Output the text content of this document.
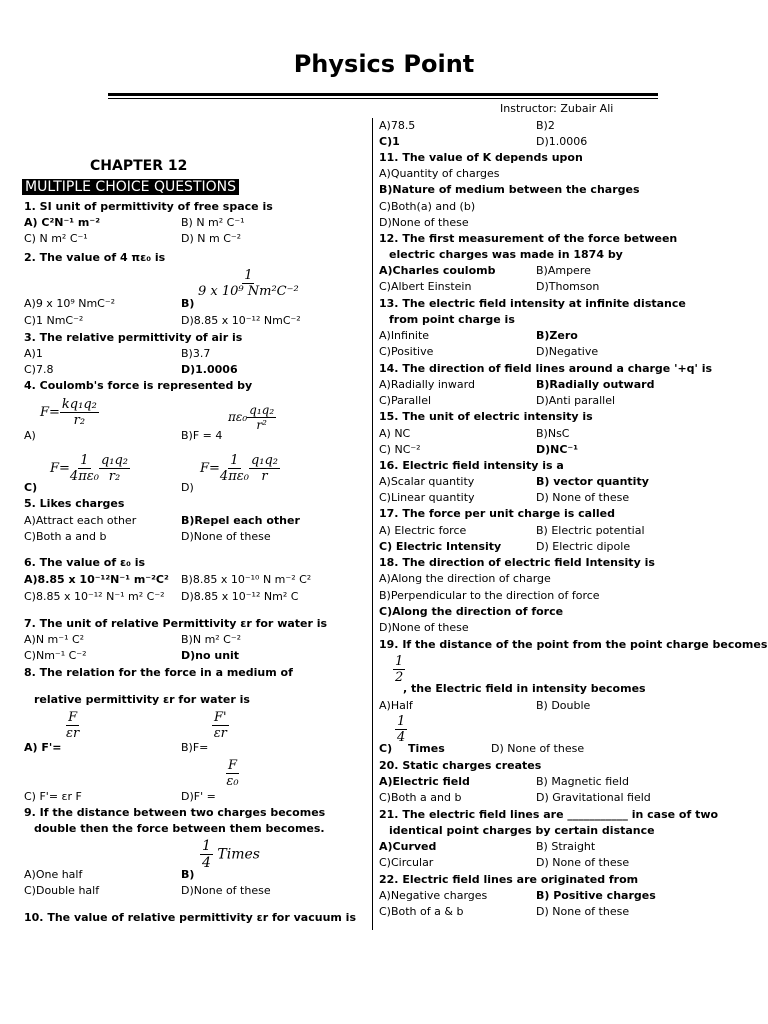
Physics Point
Instructor: Zubair Ali
CHAPTER 12
MULTIPLE CHOICE QUESTIONS
1. SI unit of permittivity of free space is
A) C²N⁻¹ m⁻²	B) N m² C⁻¹
C) N m² C⁻¹	D) N m C⁻²
2. The value of 4 πε₀ is
A)9 x 10⁹ NmC⁻²	B)
$\frac{1}{\text{9 x 10⁹ Nm²C⁻²}}$
C)1 NmC⁻²	D)8.85 x 10⁻¹² NmC⁻²
3. The relative permittivity of air is
A)1	B)3.7
C)7.8	D)1.0006
4. Coulomb's force is represented by
A)
$F= \frac{\text{kq₁q₂}}{\text{r₂}}$
B)F = 4
$\pi\varepsilon_0 \frac{\text{q₁q₂}}{\text{r²}}$
C)
$F= \frac{1}{\text{4πε₀}} \frac{\text{q₁q₂}}{\text{r₂}}$
D)
$F= \frac{1}{\text{4πε₀}} \frac{\text{q₁q₂}}{r}$
5. Likes charges
A)Attract each other	B)Repel each other
C)Both a and b	D)None of these
6. The value of ε₀ is
A)8.85 x 10⁻¹²N⁻¹ m⁻²C² B)8.85 x 10⁻¹⁰ N m⁻² C²
C)8.85 x 10⁻¹² N⁻¹ m² C⁻² D)8.85 x 10⁻¹² Nm² C
7. The unit of relative Permittivity εr for water is
A)N m⁻¹ C²	B)N m² C⁻²
C)Nm⁻¹ C⁻²	D)no unit
8. The relation for the force in a medium of
relative permittivity εr for water is
A) F'=
$\frac{F}{\varepsilon r}$
B)F=
$\frac{F'}{\varepsilon r}$
C) F'= εr F	D)F' =
$\frac{F}{\text{ε₀}}$
9. If the distance between two charges becomes
double then the force between them becomes.
A)One half	B)
$\frac{1}{4}$ Times
C)Double half	D)None of these
10. The value of relative permittivity εr for vacuum is
A)78.5	B)2
C)1	D)1.0006
11. The value of K depends upon
A)Quantity of charges
B)Nature of medium between the charges
C)Both(a) and (b)
D)None of these
12. The first measurement of the force between
electric charges was made in 1874 by
A)Charles coulomb	B)Ampere
C)Albert Einstein	D)Thomson
13. The electric field intensity at infinite distance
from point charge is
A)Infinite	B)Zero
C)Positive	D)Negative
14. The direction of field lines around a charge '+q' is
A)Radially inward	B)Radially outward
C)Parallel	D)Anti parallel
15. The unit of electric intensity is
A) NC	B)NsC
C) NC⁻²	D)NC⁻¹
16. Electric field intensity is a
A)Scalar quantity	B) vector quantity
C)Linear quantity	D) None of these
17. The force per unit charge is called
A) Electric force	B) Electric potential
C) Electric Intensity	D) Electric dipole
18. The direction of electric field Intensity is
A)Along the direction of charge
B)Perpendicular to the direction of force
C)Along the direction of force
D)None of these
19. If the distance of the point from the point charge becomes
$\frac{1}{2}$
, the Electric field in intensity becomes
A)Half	B) Double
C)
$\frac{1}{4}$
Times	D) None of these
20. Static charges creates
A)Electric field	B) Magnetic field
C)Both a and b	D) Gravitational field
21. The electric field lines are ___________ in case of two
identical point charges by certain distance
A)Curved	B) Straight
C)Circular	D) None of these
22. Electric field lines are originated from
A)Negative charges	B) Positive charges
C)Both of a & b	D) None of these
